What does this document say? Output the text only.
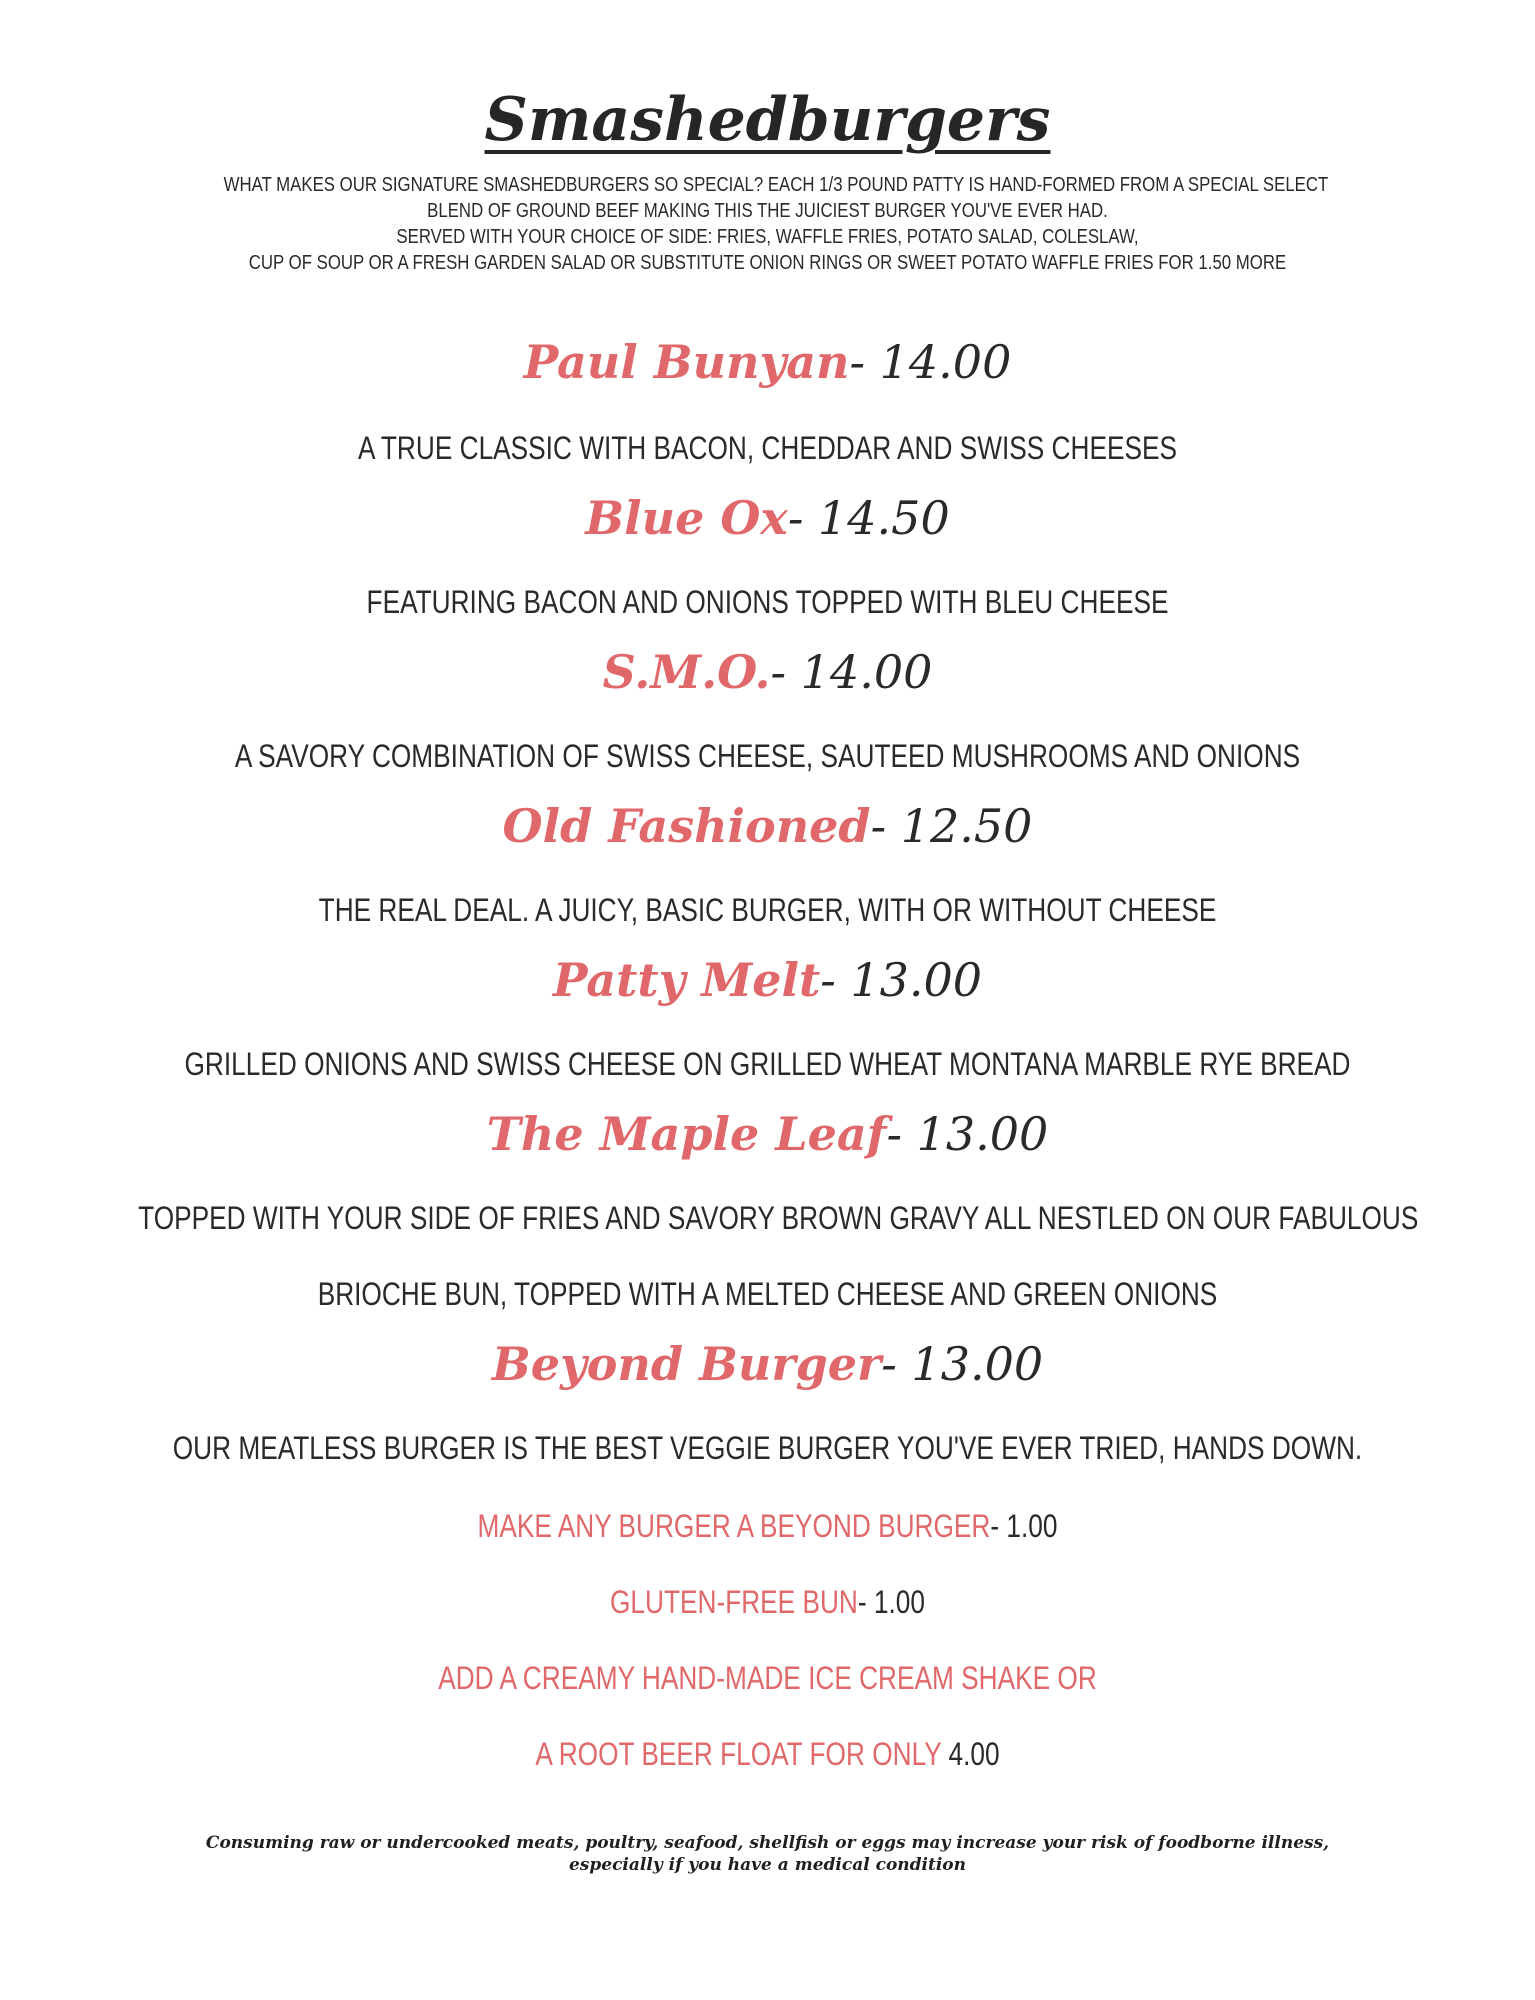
Smashedburgers
WHAT MAKES OUR SIGNATURE SMASHEDBURGERS SO SPECIAL? EACH 1/3 POUND PATTY IS HAND-FORMED FROM A SPECIAL SELECT
BLEND OF GROUND BEEF MAKING THIS THE JUICIEST BURGER YOU'VE EVER HAD.
SERVED WITH YOUR CHOICE OF SIDE: FRIES, WAFFLE FRIES, POTATO SALAD, COLESLAW,
CUP OF SOUP OR A FRESH GARDEN SALAD OR SUBSTITUTE ONION RINGS OR SWEET POTATO WAFFLE FRIES FOR 1.50 MORE
Paul Bunyan- 14.00
A TRUE CLASSIC WITH BACON, CHEDDAR AND SWISS CHEESES
Blue Ox- 14.50
FEATURING BACON AND ONIONS TOPPED WITH BLEU CHEESE
S.M.O.- 14.00
A SAVORY COMBINATION OF SWISS CHEESE, SAUTEED MUSHROOMS AND ONIONS
Old Fashioned- 12.50
THE REAL DEAL. A JUICY, BASIC BURGER, WITH OR WITHOUT CHEESE
Patty Melt- 13.00
GRILLED ONIONS AND SWISS CHEESE ON GRILLED WHEAT MONTANA MARBLE RYE BREAD
The Maple Leaf- 13.00
TOPPED WITH YOUR SIDE OF FRIES AND SAVORY BROWN GRAVY ALL NESTLED ON OUR FABULOUS
BRIOCHE BUN, TOPPED WITH A MELTED CHEESE AND GREEN ONIONS
Beyond Burger- 13.00
OUR MEATLESS BURGER IS THE BEST VEGGIE BURGER YOU'VE EVER TRIED, HANDS DOWN.
MAKE ANY BURGER A BEYOND BURGER- 1.00
GLUTEN-FREE BUN- 1.00
ADD A CREAMY HAND-MADE ICE CREAM SHAKE OR
A ROOT BEER FLOAT FOR ONLY 4.00
Consuming raw or undercooked meats, poultry, seafood, shellfish or eggs may increase your risk of foodborne illness,
especially if you have a medical condition
